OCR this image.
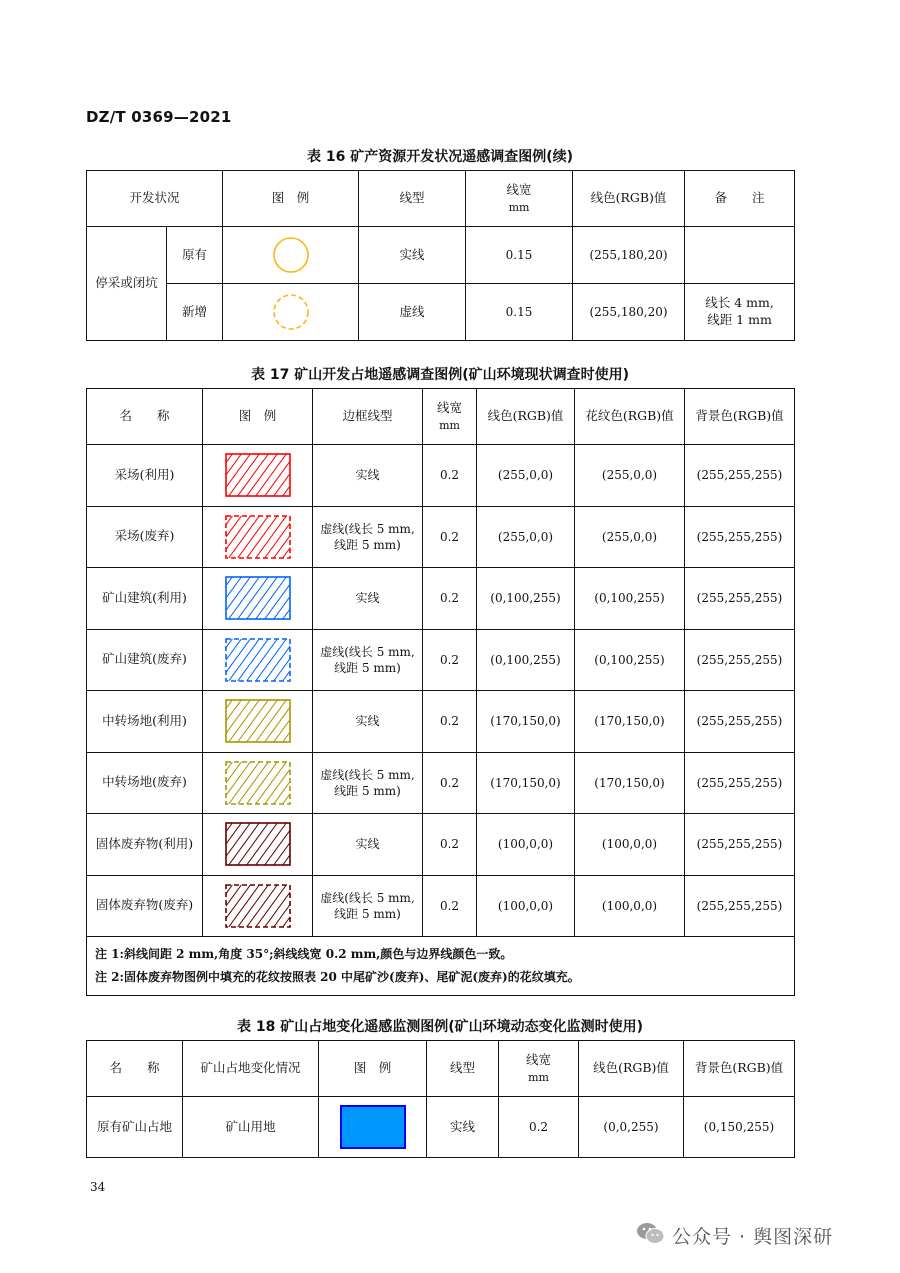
DZ/T 0369—2021
表 16 矿产资源开发状况遥感调查图例(续)
开发状况		图　例	线型	线宽
mm	线色(RGB)值	备　　注
停采或闭坑	原有		实线	0.15	(255,180,20)	
	新增		虚线	0.15	(255,180,20)	线长 4 mm,
线距 1 mm
表 17 矿山开发占地遥感调查图例(矿山环境现状调查时使用)
名　　称	图　例	边框线型	线宽
mm	线色(RGB)值	花纹色(RGB)值	背景色(RGB)值
采场(利用)		实线	0.2	(255,0,0)	(255,0,0)	(255,255,255)
采场(废弃)		虚线(线长 5 mm,
线距 5 mm)	0.2	(255,0,0)	(255,0,0)	(255,255,255)
矿山建筑(利用)		实线	0.2	(0,100,255)	(0,100,255)	(255,255,255)
矿山建筑(废弃)		虚线(线长 5 mm,
线距 5 mm)	0.2	(0,100,255)	(0,100,255)	(255,255,255)
中转场地(利用)		实线	0.2	(170,150,0)	(170,150,0)	(255,255,255)
中转场地(废弃)		虚线(线长 5 mm,
线距 5 mm)	0.2	(170,150,0)	(170,150,0)	(255,255,255)
固体废弃物(利用)		实线	0.2	(100,0,0)	(100,0,0)	(255,255,255)
固体废弃物(废弃)		虚线(线长 5 mm,
线距 5 mm)	0.2	(100,0,0)	(100,0,0)	(255,255,255)

注 1:斜线间距 2 mm,角度 35°;斜线线宽 0.2 mm,颜色与边界线颜色一致。
注 2:固体废弃物图例中填充的花纹按照表 20 中尾矿沙(废弃)、尾矿泥(废弃)的花纹填充。						
表 18 矿山占地变化遥感监测图例(矿山环境动态变化监测时使用)
名　　称	矿山占地变化情况	图　例	线型	线宽
mm	线色(RGB)值	背景色(RGB)值
原有矿山占地	矿山用地		实线	0.2	(0,0,255)	(0,150,255)
34
公众号 · 舆图深研
